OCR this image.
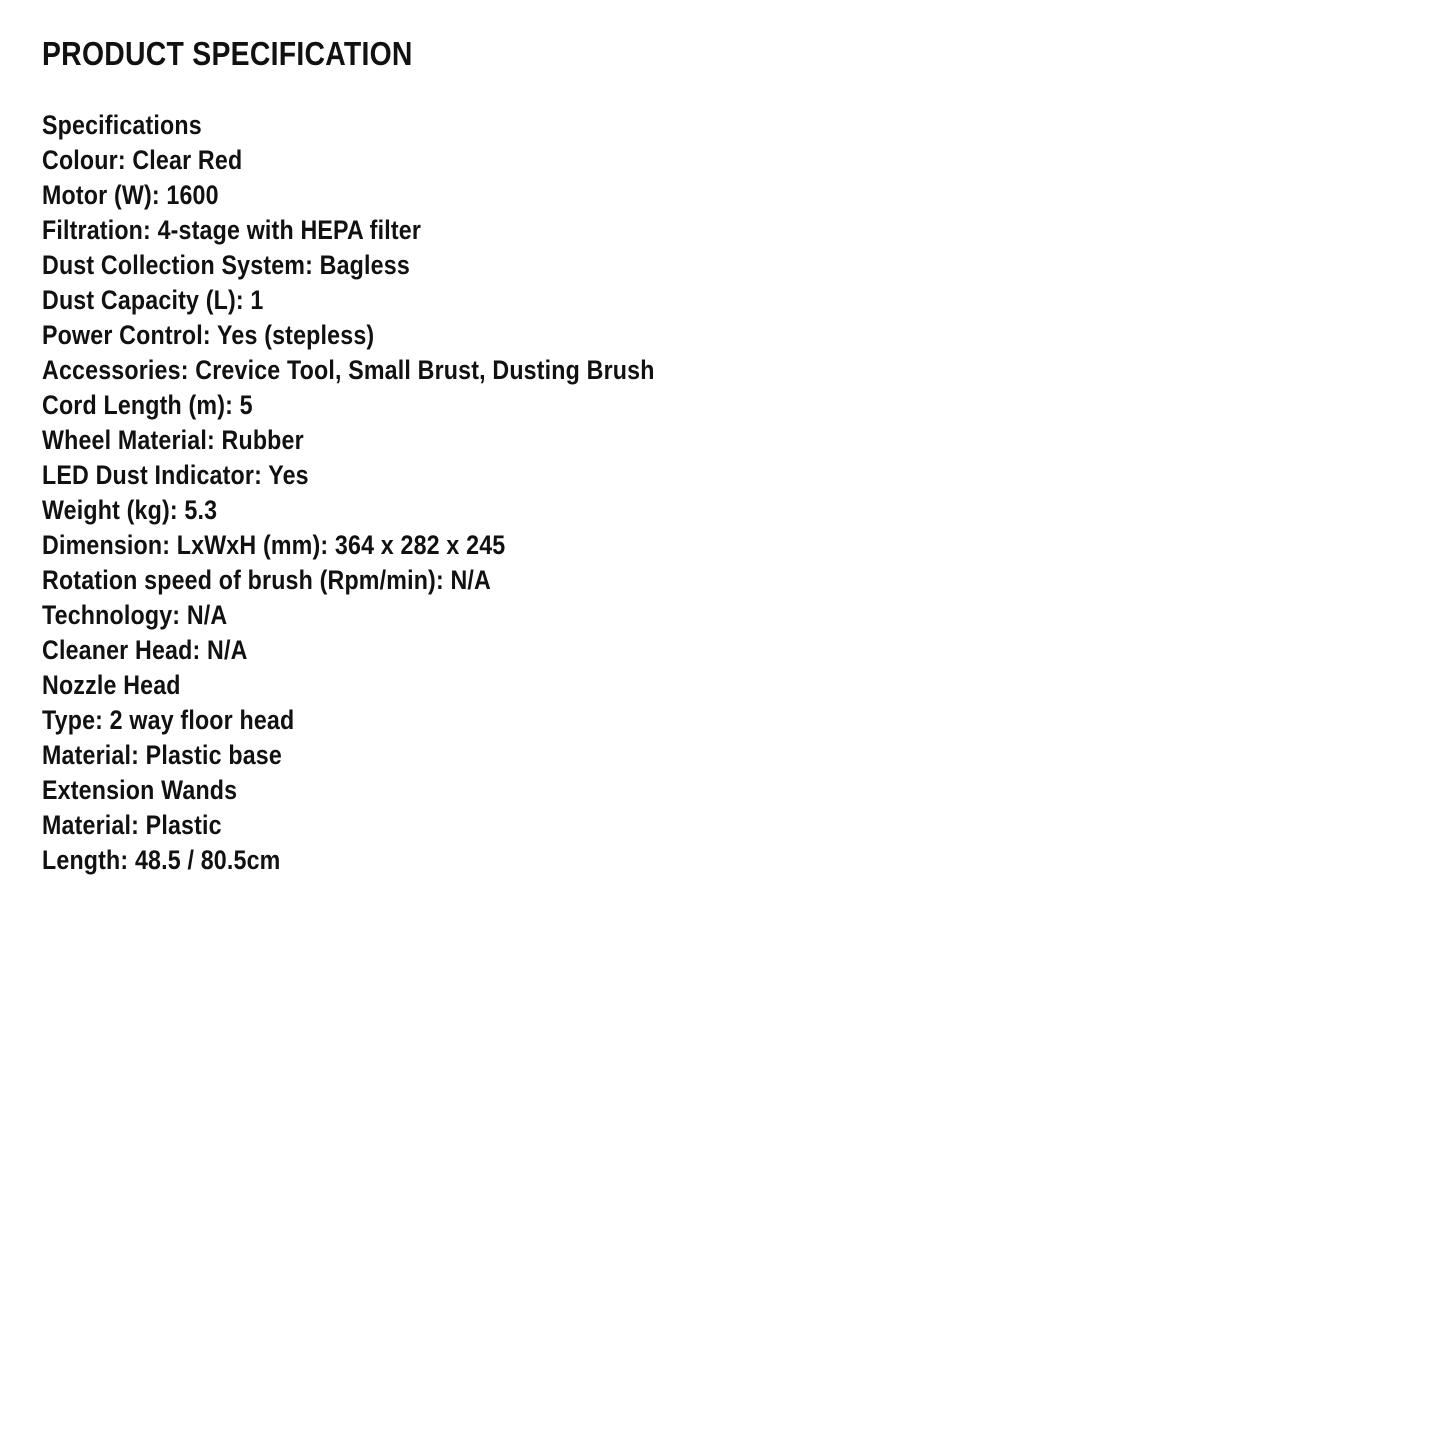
PRODUCT SPECIFICATION
Specifications
Colour: Clear Red
Motor (W): 1600
Filtration: 4-stage with HEPA filter
Dust Collection System: Bagless
Dust Capacity (L): 1
Power Control: Yes (stepless)
Accessories: Crevice Tool, Small Brust, Dusting Brush
Cord Length (m): 5
Wheel Material: Rubber
LED Dust Indicator: Yes
Weight (kg): 5.3
Dimension: LxWxH (mm): 364 x 282 x 245
Rotation speed of brush (Rpm/min): N/A
Technology: N/A
Cleaner Head: N/A
Nozzle Head
Type: 2 way floor head
Material: Plastic base
Extension Wands
Material: Plastic
Length: 48.5 / 80.5cm
